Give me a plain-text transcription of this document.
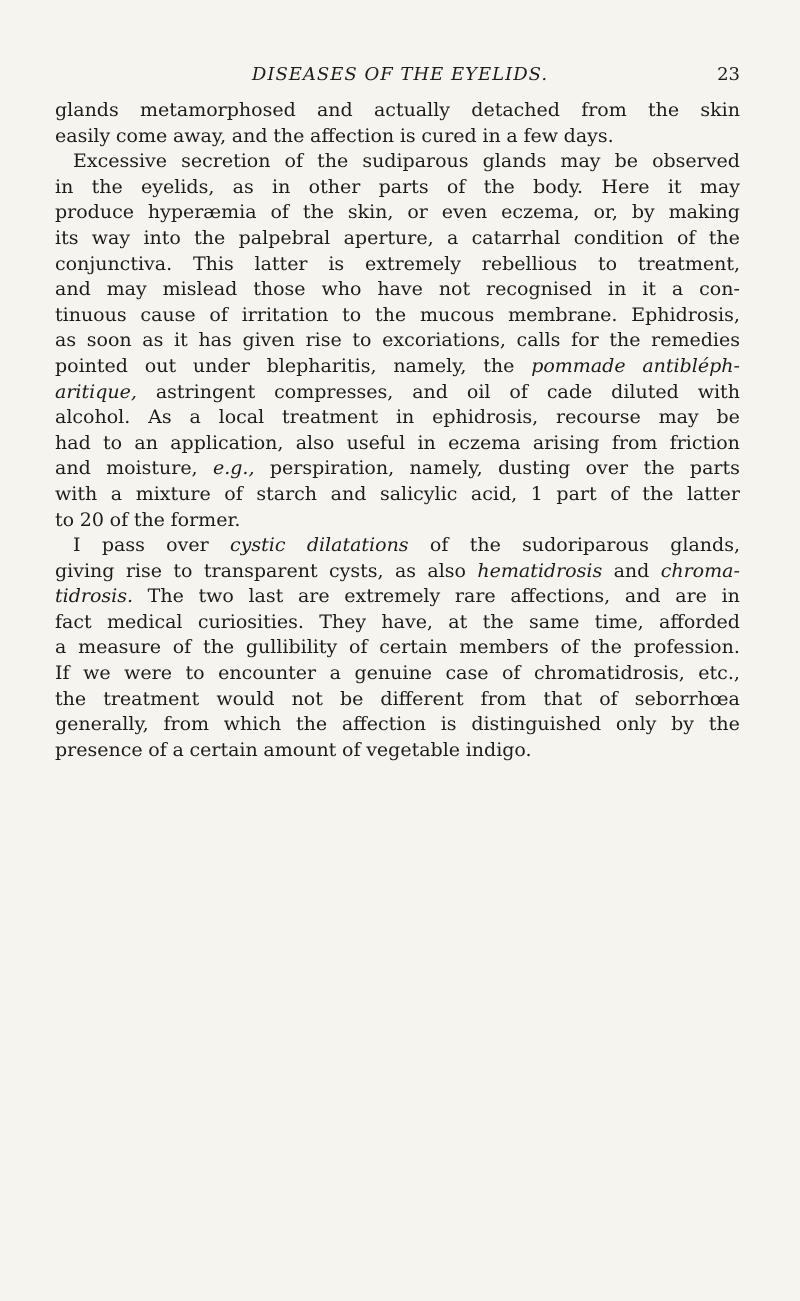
DISEASES OF THE EYELIDS.	23
glands metamorphosed and actually detached from the skin
easily come away, and the affection is cured in a few days.
Excessive secretion of the sudiparous glands may be observed
in the eyelids, as in other parts of the body. Here it may
produce hyperæmia of the skin, or even eczema, or, by making
its way into the palpebral aperture, a catarrhal condition of the
conjunctiva. This latter is extremely rebellious to treatment,
and may mislead those who have not recognised in it a con-
tinuous cause of irritation to the mucous membrane. Ephidrosis,
as soon as it has given rise to excoriations, calls for the remedies
pointed out under blepharitis, namely, the pommade antibléph-
aritique, astringent compresses, and oil of cade diluted with
alcohol. As a local treatment in ephidrosis, recourse may be
had to an application, also useful in eczema arising from friction
and moisture, e.g., perspiration, namely, dusting over the parts
with a mixture of starch and salicylic acid, 1 part of the latter
to 20 of the former.
I pass over cystic dilatations of the sudoriparous glands,
giving rise to transparent cysts, as also hematidrosis and chroma-
tidrosis. The two last are extremely rare affections, and are in
fact medical curiosities. They have, at the same time, afforded
a measure of the gullibility of certain members of the profession.
If we were to encounter a genuine case of chromatidrosis, etc.,
the treatment would not be different from that of seborrhœa
generally, from which the affection is distinguished only by the
presence of a certain amount of vegetable indigo.
